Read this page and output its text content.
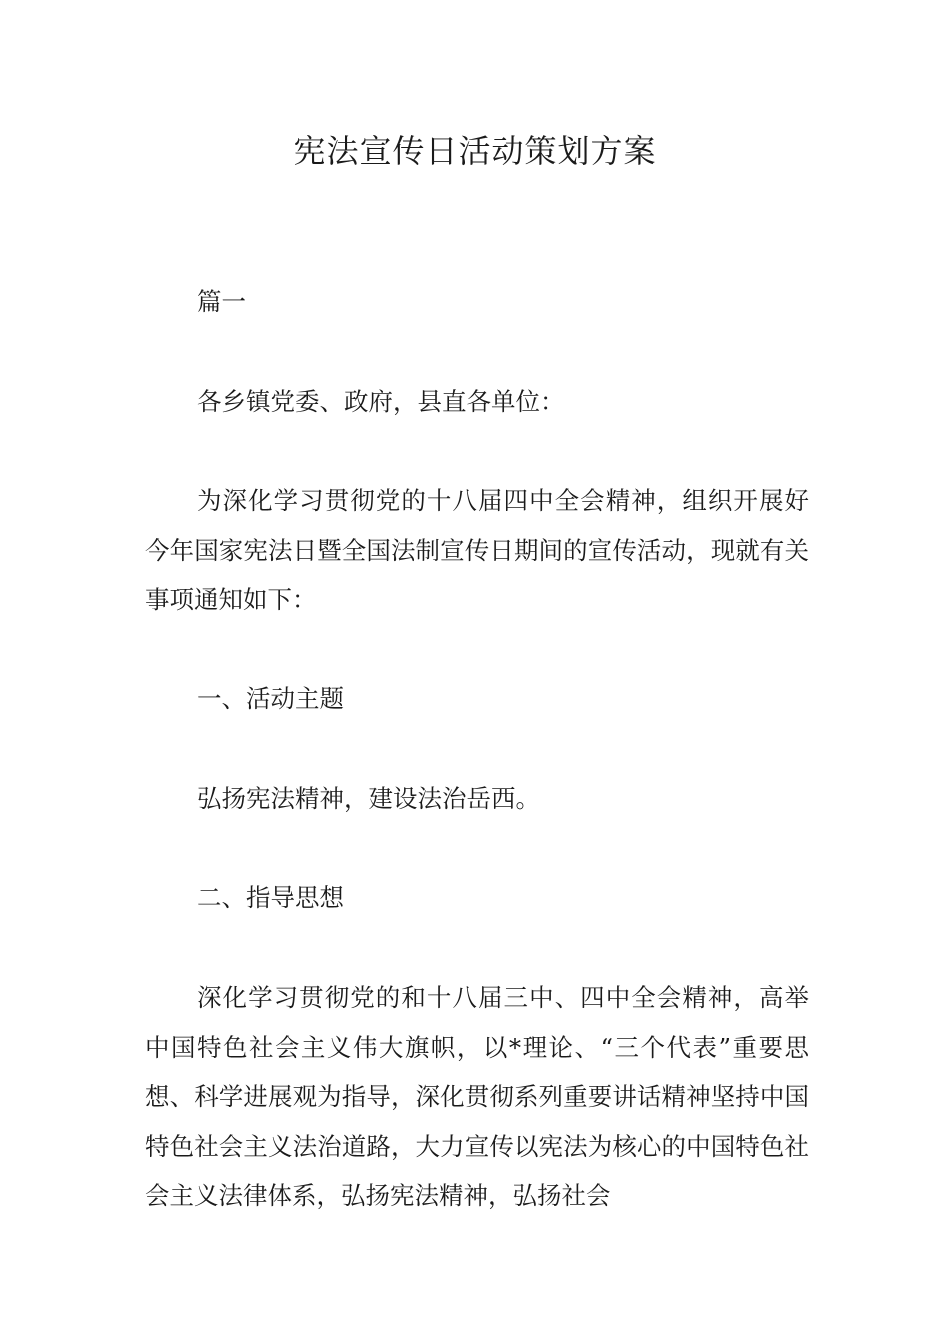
宪法宣传日活动策划方案

篇一

各乡镇党委、政府，县直各单位：

为深化学习贯彻党的十八届四中全会精神，组织开展好今年国家宪法日暨全国法制宣传日期间的宣传活动，现就有关事项通知如下：

一、活动主题

弘扬宪法精神，建设法治岳西。

二、指导思想

深化学习贯彻党的和十八届三中、四中全会精神，高举中国特色社会主义伟大旗帜，以*理论、“三个代表”重要思想、科学进展观为指导，深化贯彻系列重要讲话精神坚持中国特色社会主义法治道路，大力宣传以宪法为核心的中国特色社会主义法律体系，弘扬宪法精神，弘扬社会
